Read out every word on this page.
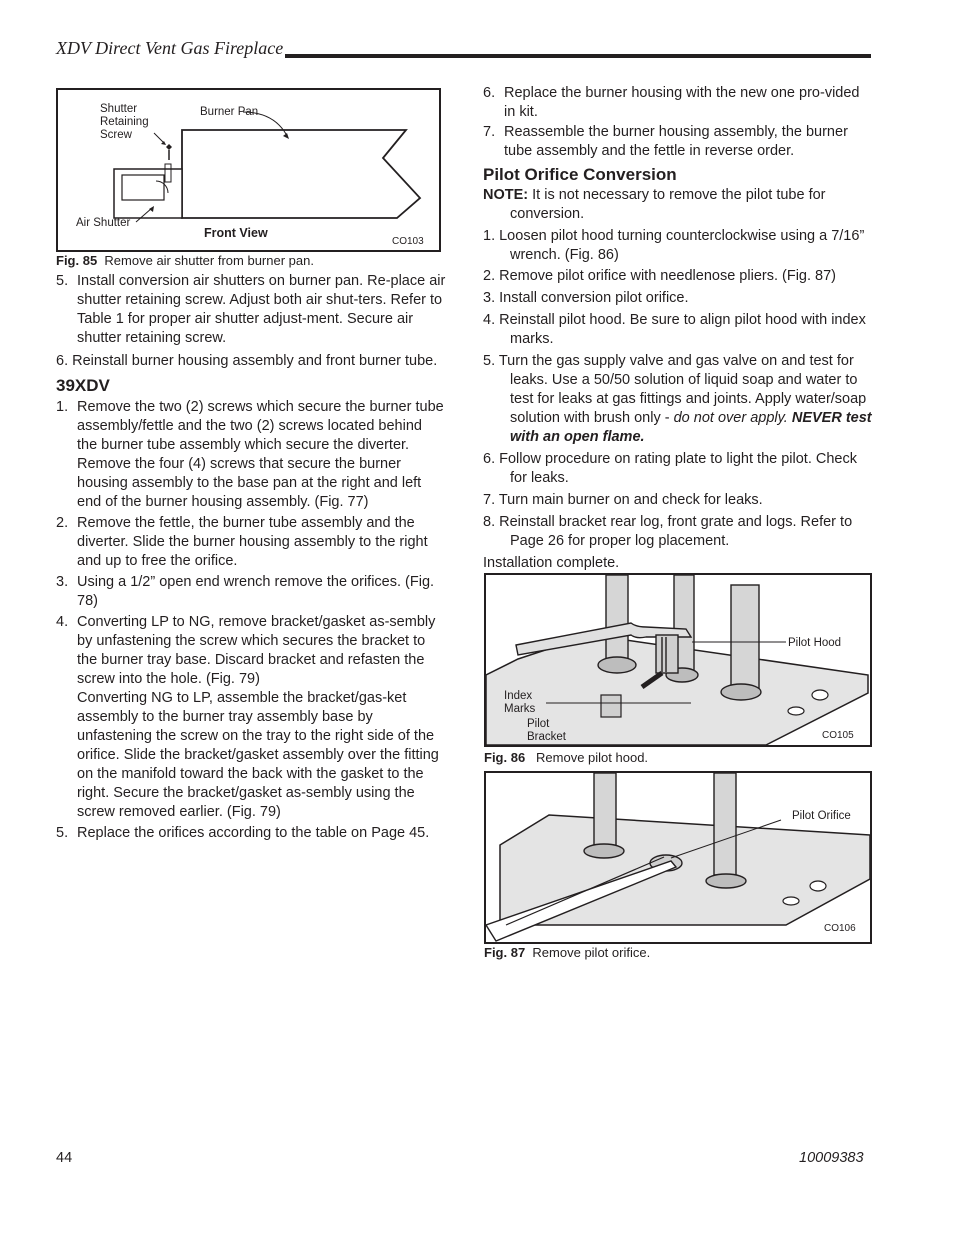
XDV Direct Vent Gas Fireplace
Shutter Retaining Screw
Burner Pan
Air Shutter
Front View
CO103
Fig. 85 Remove air shutter from burner pan.

5. Install conversion air shutters on burner pan. Re-place air shutter retaining screw. Adjust both air shut-ters. Refer to Table 1 for proper air shutter adjust-ment. Secure air shutter retaining screw.

6. Reinstall burner housing assembly and front burner tube.

39XDV

1. Remove the two (2) screws which secure the burner tube assembly/fettle and the two (2) screws located behind the burner tube assembly which secure the diverter. Remove the four (4) screws that secure the burner housing assembly to the base pan at the right and left end of the burner housing assembly. (Fig. 77)

2. Remove the fettle, the burner tube assembly and the diverter. Slide the burner housing assembly to the right and up to free the orifice.

3. Using a 1/2” open end wrench remove the orifices. (Fig. 78)

4. Converting LP to NG, remove bracket/gasket as-sembly by unfastening the screw which secures the bracket to the burner tray base. Discard bracket and refasten the screw into the hole. (Fig. 79)

Converting NG to LP, assemble the bracket/gas-ket assembly to the burner tray assembly base by unfastening the screw on the tray to the right side of the orifice. Slide the bracket/gasket assembly over the fitting on the manifold toward the back with the gasket to the right. Secure the bracket/gasket as-sembly using the screw removed earlier. (Fig. 79)

5. Replace the orifices according to the table on Page 45.

6. Replace the burner housing with the new one pro-vided in kit.

7. Reassemble the burner housing assembly, the burner tube assembly and the fettle in reverse order.

Pilot Orifice Conversion

NOTE: It is not necessary to remove the pilot tube for conversion.

1. Loosen pilot hood turning counterclockwise using a 7/16” wrench. (Fig. 86)

2. Remove pilot orifice with needlenose pliers. (Fig. 87)

3. Install conversion pilot orifice.

4. Reinstall pilot hood. Be sure to align pilot hood with index marks.

5. Turn the gas supply valve and gas valve on and test for leaks. Use a 50/50 solution of liquid soap and water to test for leaks at gas fittings and joints. Apply water/soap solution with brush only - do not over apply. NEVER test with an open flame.

6. Follow procedure on rating plate to light the pilot. Check for leaks.

7. Turn main burner on and check for leaks.

8. Reinstall bracket rear log, front grate and logs. Refer to Page 26 for proper log placement.

Installation complete.

Pilot Hood
Index Marks
Pilot Bracket	CO105
Fig. 86 Remove pilot hood.
Pilot Orifice
CO106
Fig. 87 Remove pilot orifice.
44	10009383
